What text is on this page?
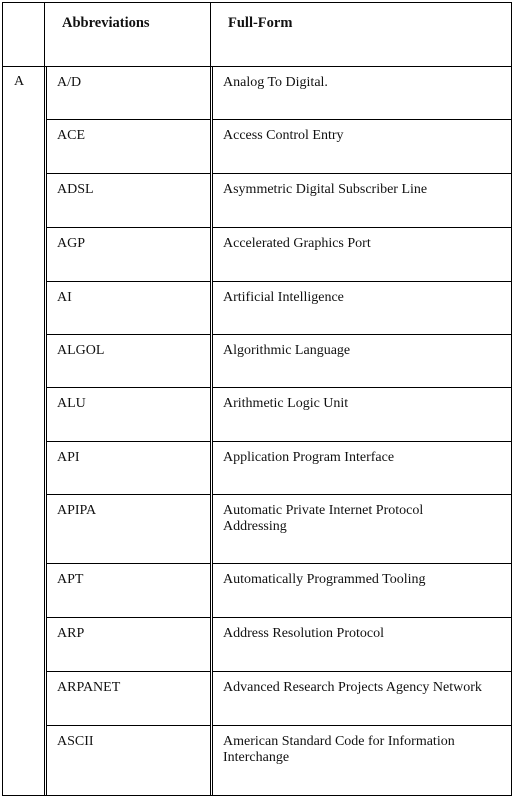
Abbreviations	Full-Form
A A/D	Analog To Digital.
ACE	Access Control Entry
ADSL	Asymmetric Digital Subscriber Line
AGP	Accelerated Graphics Port
AI	Artificial Intelligence
ALGOL	Algorithmic Language
ALU	Arithmetic Logic Unit
API	Application Program Interface
APIPA	Automatic Private Internet Protocol
Addressing
APT	Automatically Programmed Tooling
ARP	Address Resolution Protocol
ARPANET	Advanced Research Projects Agency Network
ASCII	American Standard Code for Information
Interchange
